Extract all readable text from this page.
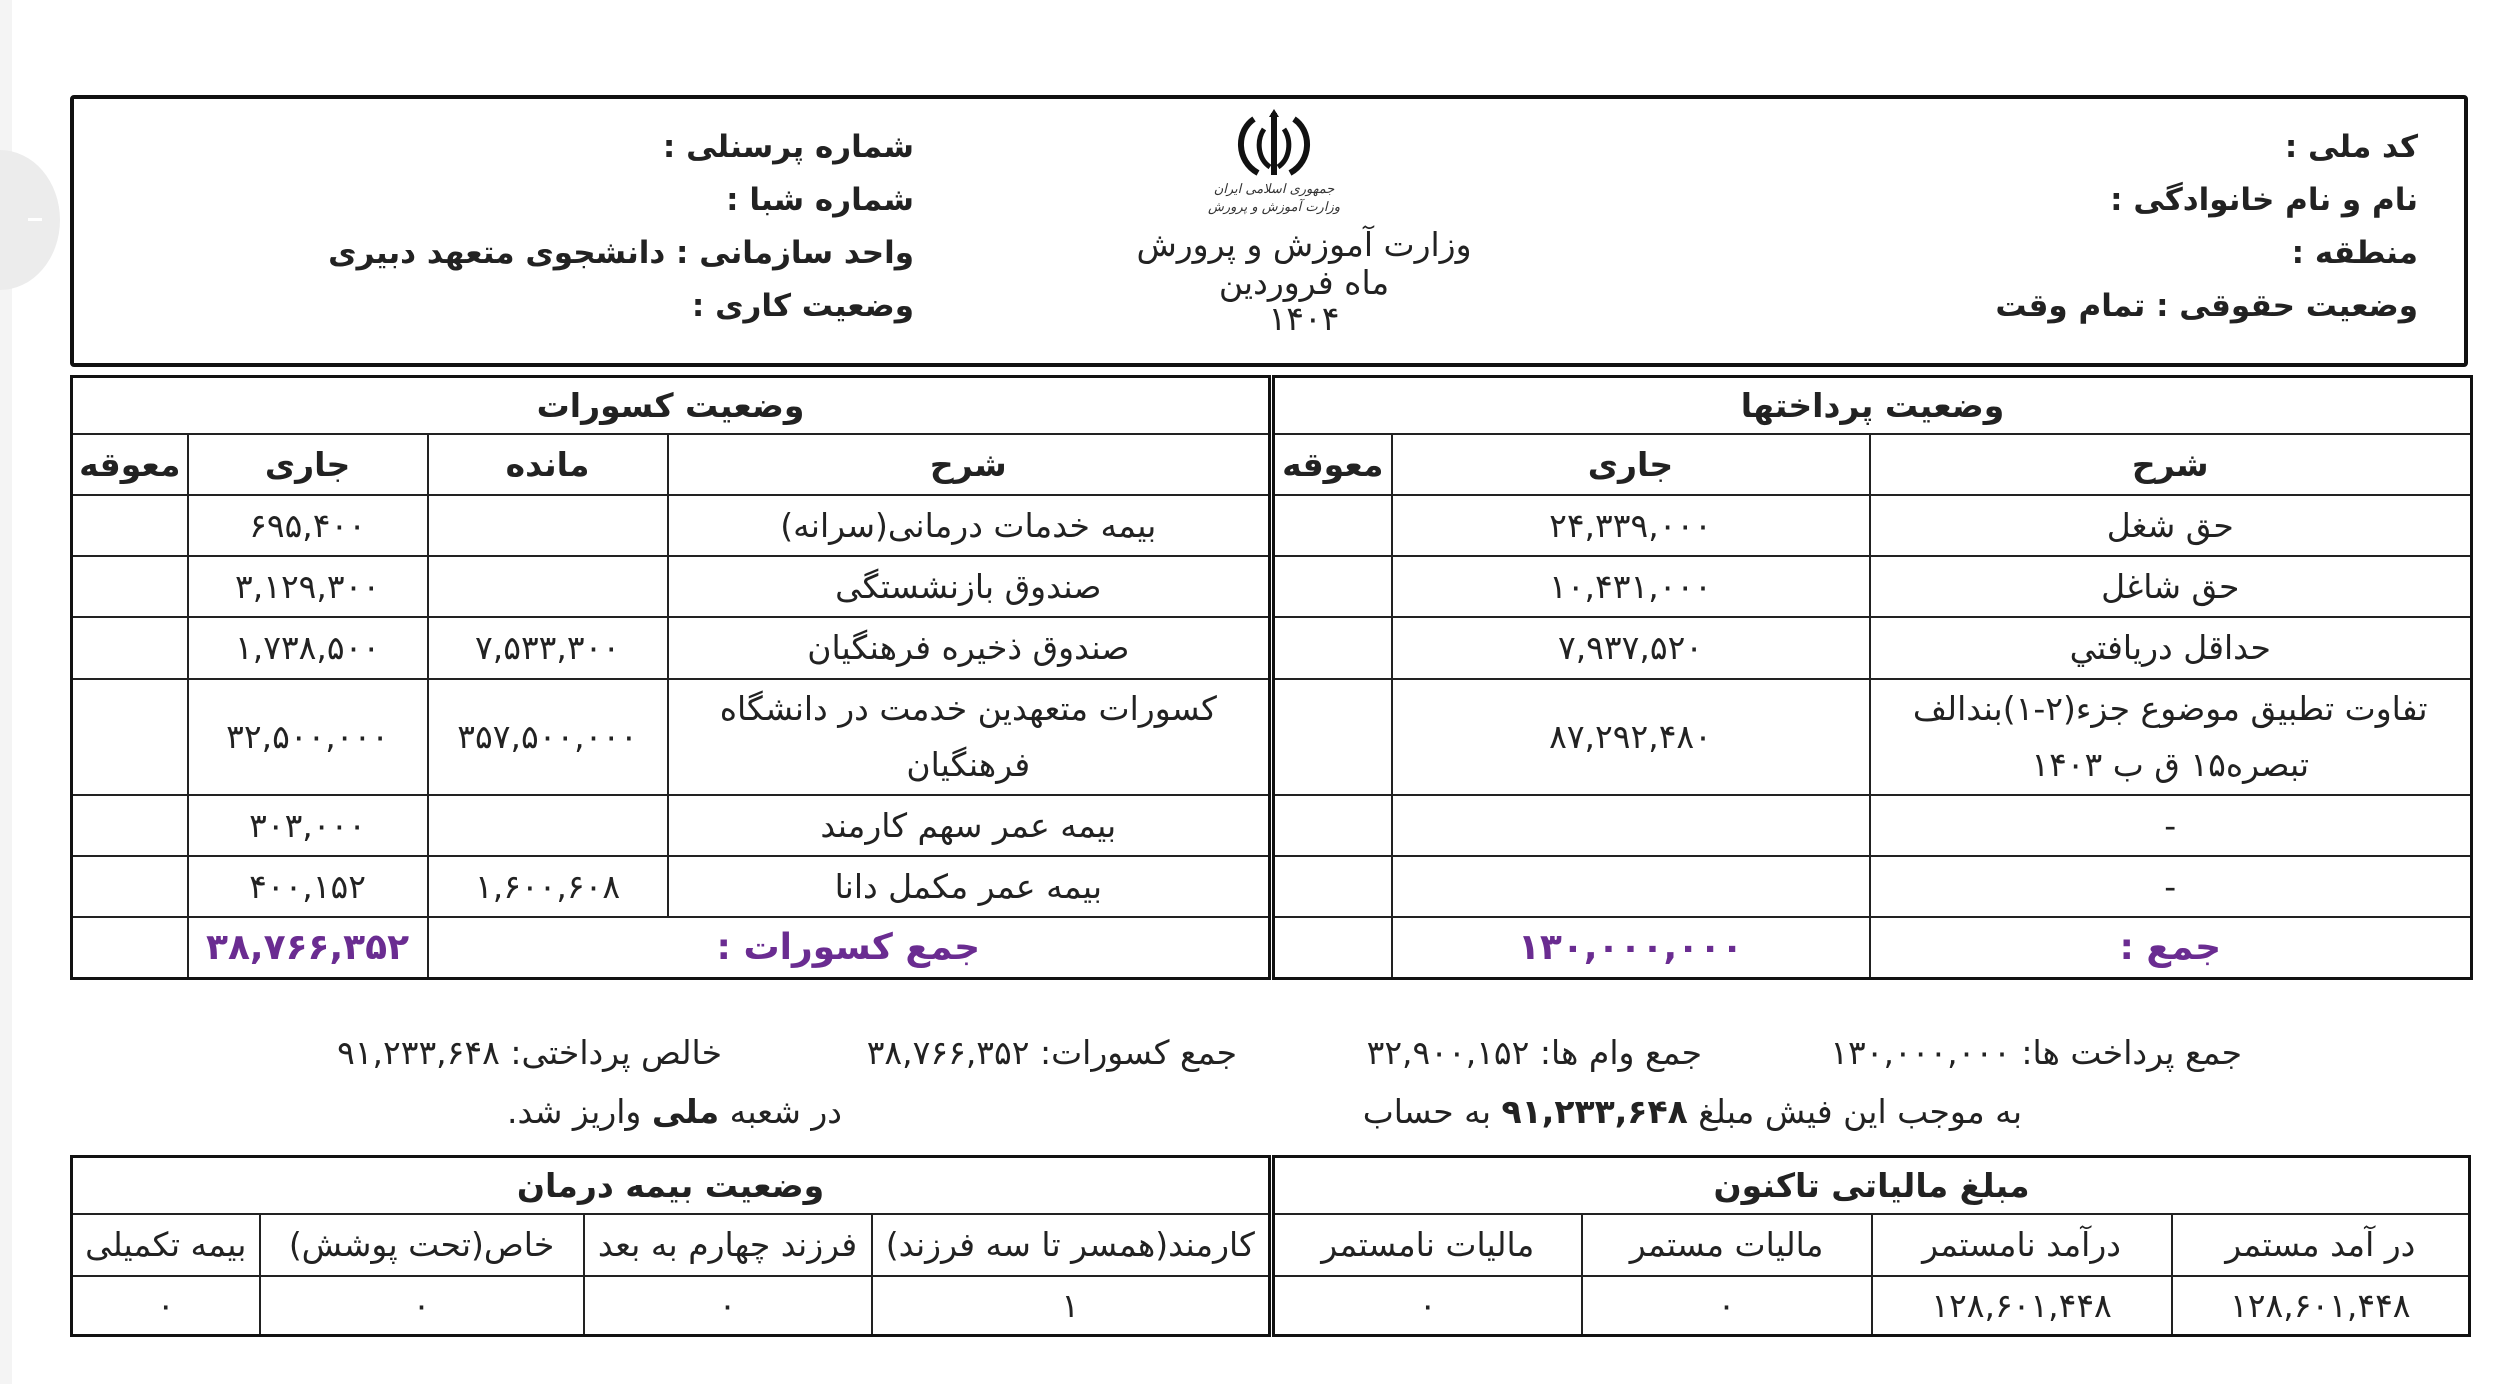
کد ملی :
نام و نام خانوادگی :
منطقه :
وضعیت حقوقی : تمام وقت
شماره پرسنلی :
شماره شبا :
واحد سازمانی : دانشجوی متعهد دبیری
وضعیت کاری :
جمهوری اسلامی ایران
وزارت آموزش و پرورش
وزارت آموزش و پرورش
ماه فروردین
۱۴۰۴
وضعیت پرداختها		
شرح	جاری	معوقه
حق شغل	۲۴,۳۳۹,۰۰۰	
حق شاغل	۱۰,۴۳۱,۰۰۰	
حداقل دریافتي	۷,۹۳۷,۵۲۰	
تفاوت تطبیق موضوع جزء(۲-۱)بندالف تبصره۱۵ ق ب ۱۴۰۳	۸۷,۲۹۲,۴۸۰	
-		
-		
جمع :	۱۳۰,۰۰۰,۰۰۰	
وضعیت کسورات			
شرح	مانده	جاری	معوقه
بیمه خدمات درمانی(سرانه)		۶۹۵,۴۰۰	
صندوق بازنشستگی		۳,۱۲۹,۳۰۰	
صندوق ذخیره فرهنگیان	۷,۵۳۳,۳۰۰	۱,۷۳۸,۵۰۰	
کسورات متعهدین خدمت در دانشگاه فرهنگیان	۳۵۷,۵۰۰,۰۰۰	۳۲,۵۰۰,۰۰۰	
بیمه عمر سهم کارمند		۳۰۳,۰۰۰	
بیمه عمر مکمل دانا	۱,۶۰۰,۶۰۸	۴۰۰,۱۵۲	
جمع کسورات :		۳۸,۷۶۶,۳۵۲	
جمع پرداخت ها: ۱۳۰,۰۰۰,۰۰۰
جمع وام ها: ۳۲,۹۰۰,۱۵۲
جمع کسورات: ۳۸,۷۶۶,۳۵۲
خالص پرداختی: ۹۱,۲۳۳,۶۴۸
به موجب این فیش مبلغ ۹۱,۲۳۳,۶۴۸ به حساب
در شعبه ملی واریز شد.
مبلغ مالیاتی تاکنون			
در آمد مستمر	درآمد نامستمر	مالیات مستمر	مالیات نامستمر
۱۲۸,۶۰۱,۴۴۸	۱۲۸,۶۰۱,۴۴۸	۰	۰
وضعیت بیمه درمان			
کارمند(همسر تا سه فرزند)	فرزند چهارم به بعد	خاص(تحت پوشش)	بیمه تکمیلی
۱	۰	۰	۰
